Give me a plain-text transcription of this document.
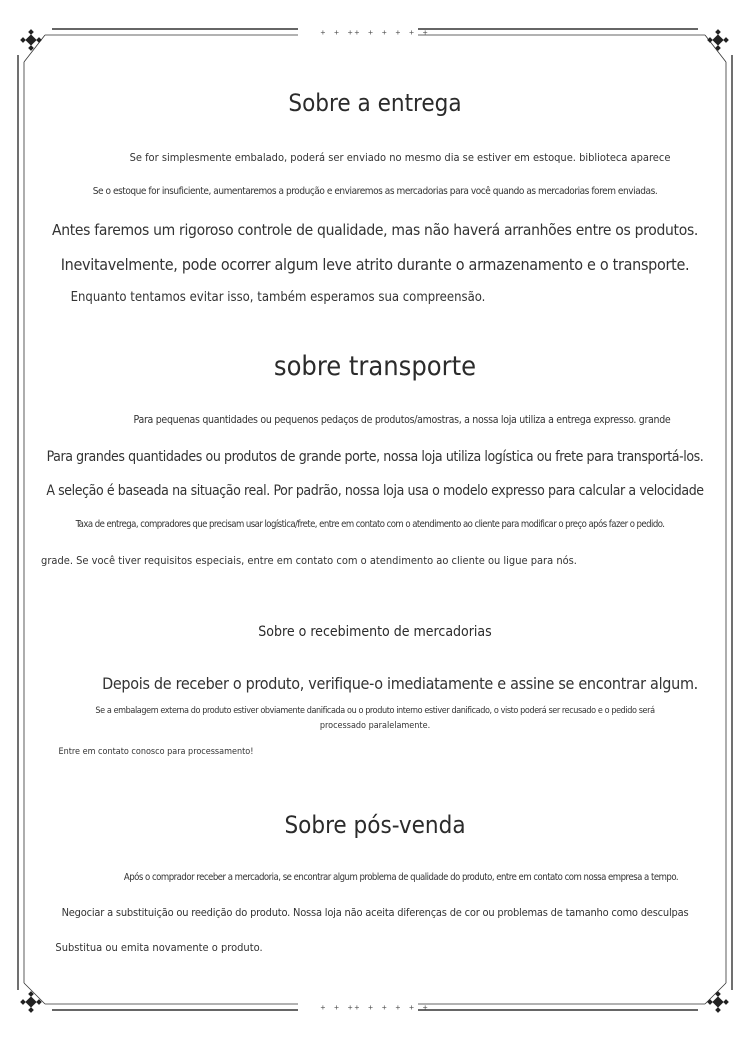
+ + ++ + + + + +
+ + ++ + + + + +
Sobre a entrega

Se for simplesmente embalado, poderá ser enviado no mesmo dia se estiver em estoque. biblioteca aparece

Se o estoque for insuficiente, aumentaremos a produção e enviaremos as mercadorias para você quando as mercadorias forem enviadas.

Antes faremos um rigoroso controle de qualidade, mas não haverá arranhões entre os produtos.

Inevitavelmente, pode ocorrer algum leve atrito durante o armazenamento e o transporte.

Enquanto tentamos evitar isso, também esperamos sua compreensão.

sobre transporte

Para pequenas quantidades ou pequenos pedaços de produtos/amostras, a nossa loja utiliza a entrega expresso. grande

Para grandes quantidades ou produtos de grande porte, nossa loja utiliza logística ou frete para transportá-los.

A seleção é baseada na situação real. Por padrão, nossa loja usa o modelo expresso para calcular a velocidade

Taxa de entrega, compradores que precisam usar logística/frete, entre em contato com o atendimento ao cliente para modificar o preço após fazer o pedido.

grade. Se você tiver requisitos especiais, entre em contato com o atendimento ao cliente ou ligue para nós.

Sobre o recebimento de mercadorias

Depois de receber o produto, verifique-o imediatamente e assine se encontrar algum.

Se a embalagem externa do produto estiver obviamente danificada ou o produto interno estiver danificado, o visto poderá ser recusado e o pedido será

processado paralelamente.

Entre em contato conosco para processamento!

Sobre pós-venda

Após o comprador receber a mercadoria, se encontrar algum problema de qualidade do produto, entre em contato com nossa empresa a tempo.

Negociar a substituição ou reedição do produto. Nossa loja não aceita diferenças de cor ou problemas de tamanho como desculpas

Substitua ou emita novamente o produto.
